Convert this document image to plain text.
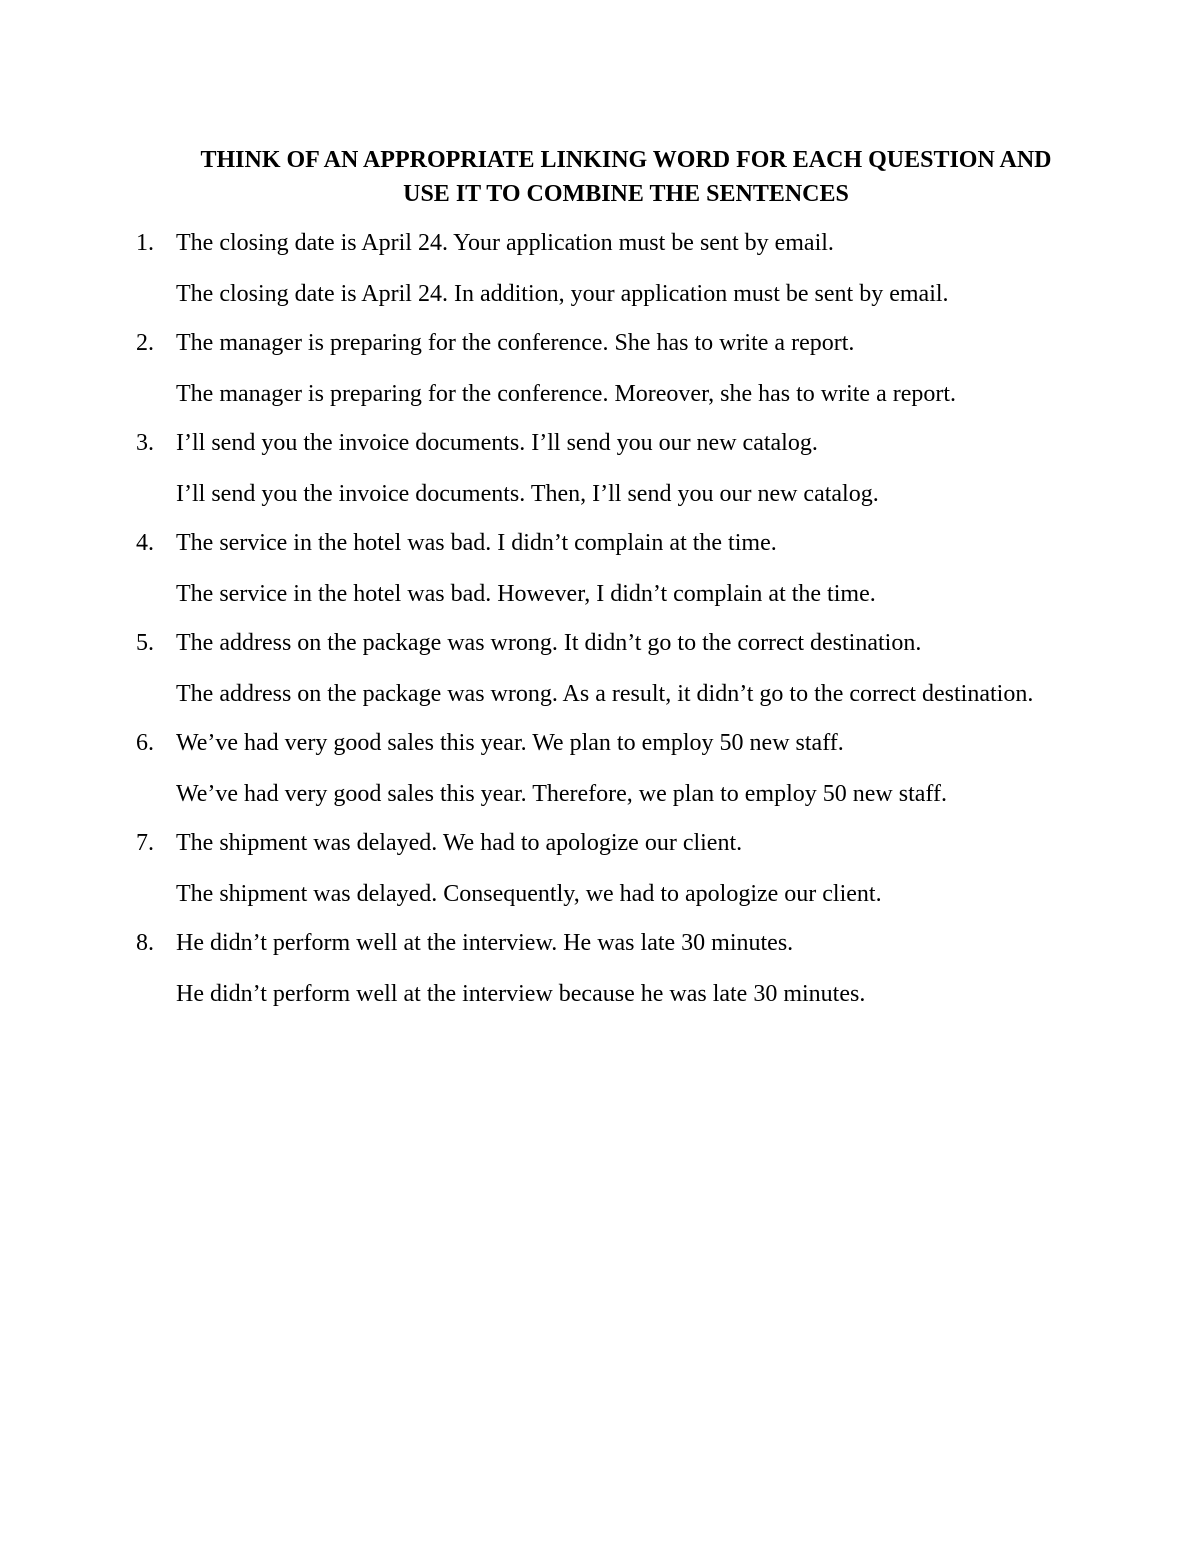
THINK OF AN APPROPRIATE LINKING WORD FOR EACH QUESTION AND
USE IT TO COMBINE THE SENTENCES
1. The closing date is April 24. Your application must be sent by email.

The closing date is April 24. In addition, your application must be sent by email.

2. The manager is preparing for the conference. She has to write a report.

The manager is preparing for the conference. Moreover, she has to write a report.

3. I’ll send you the invoice documents. I’ll send you our new catalog.

I’ll send you the invoice documents. Then, I’ll send you our new catalog.

4. The service in the hotel was bad. I didn’t complain at the time.

The service in the hotel was bad. However, I didn’t complain at the time.

5. The address on the package was wrong. It didn’t go to the correct destination.

The address on the package was wrong. As a result, it didn’t go to the correct destination.

6. We’ve had very good sales this year. We plan to employ 50 new staff.

We’ve had very good sales this year. Therefore, we plan to employ 50 new staff.

7. The shipment was delayed. We had to apologize our client.

The shipment was delayed. Consequently, we had to apologize our client.

8. He didn’t perform well at the interview. He was late 30 minutes.

He didn’t perform well at the interview because he was late 30 minutes.
